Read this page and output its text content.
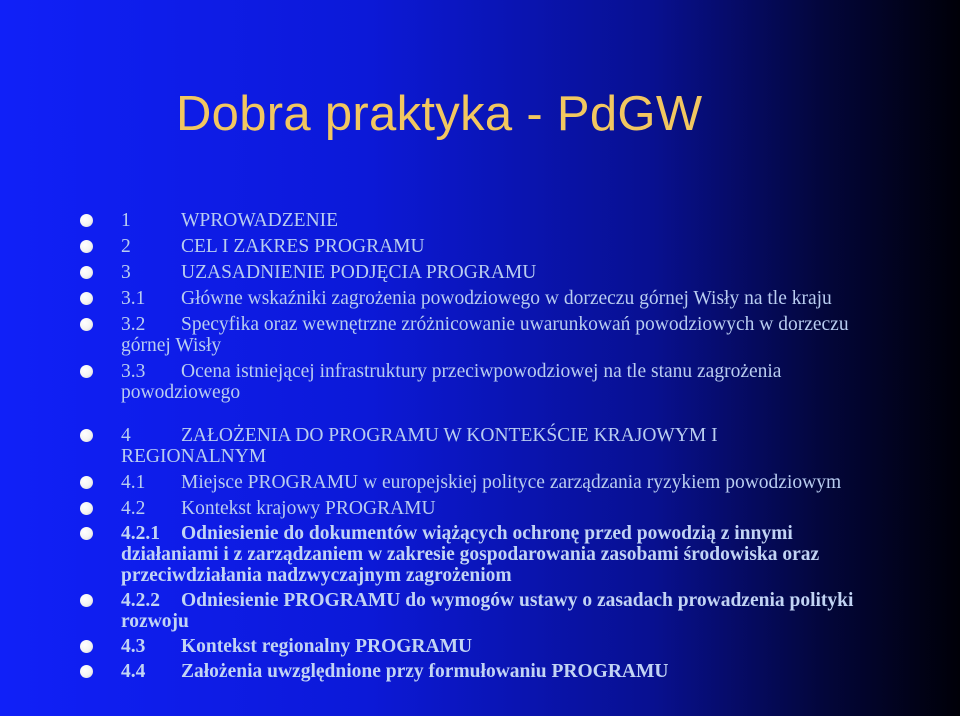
Dobra praktyka - PdGW
1	WPROWADZENIE
2	CEL I ZAKRES PROGRAMU
3	UZASADNIENIE PODJĘCIA PROGRAMU
3.1 Główne wskaźniki zagrożenia powodziowego w dorzeczu górnej Wisły na tle kraju
3.2 Specyfika oraz wewnętrzne zróżnicowanie uwarunkowań powodziowych w dorzeczu górnej Wisły
3.3 Ocena istniejącej infrastruktury przeciwpowodziowej na tle stanu zagrożenia powodziowego
4	ZAŁOŻENIA DO PROGRAMU W KONTEKŚCIE KRAJOWYM I REGIONALNYM
4.1 Miejsce PROGRAMU w europejskiej polityce zarządzania ryzykiem powodziowym
4.2 Kontekst krajowy PROGRAMU
4.2.1 Odniesienie do dokumentów wiążących ochronę przed powodzią z innymi działaniami i z zarządzaniem w zakresie gospodarowania zasobami środowiska oraz przeciwdziałania nadzwyczajnym zagrożeniom
4.2.2 Odniesienie PROGRAMU do wymogów ustawy o zasadach prowadzenia polityki rozwoju
4.3 Kontekst regionalny PROGRAMU
4.4 Założenia uwzględnione przy formułowaniu PROGRAMU
